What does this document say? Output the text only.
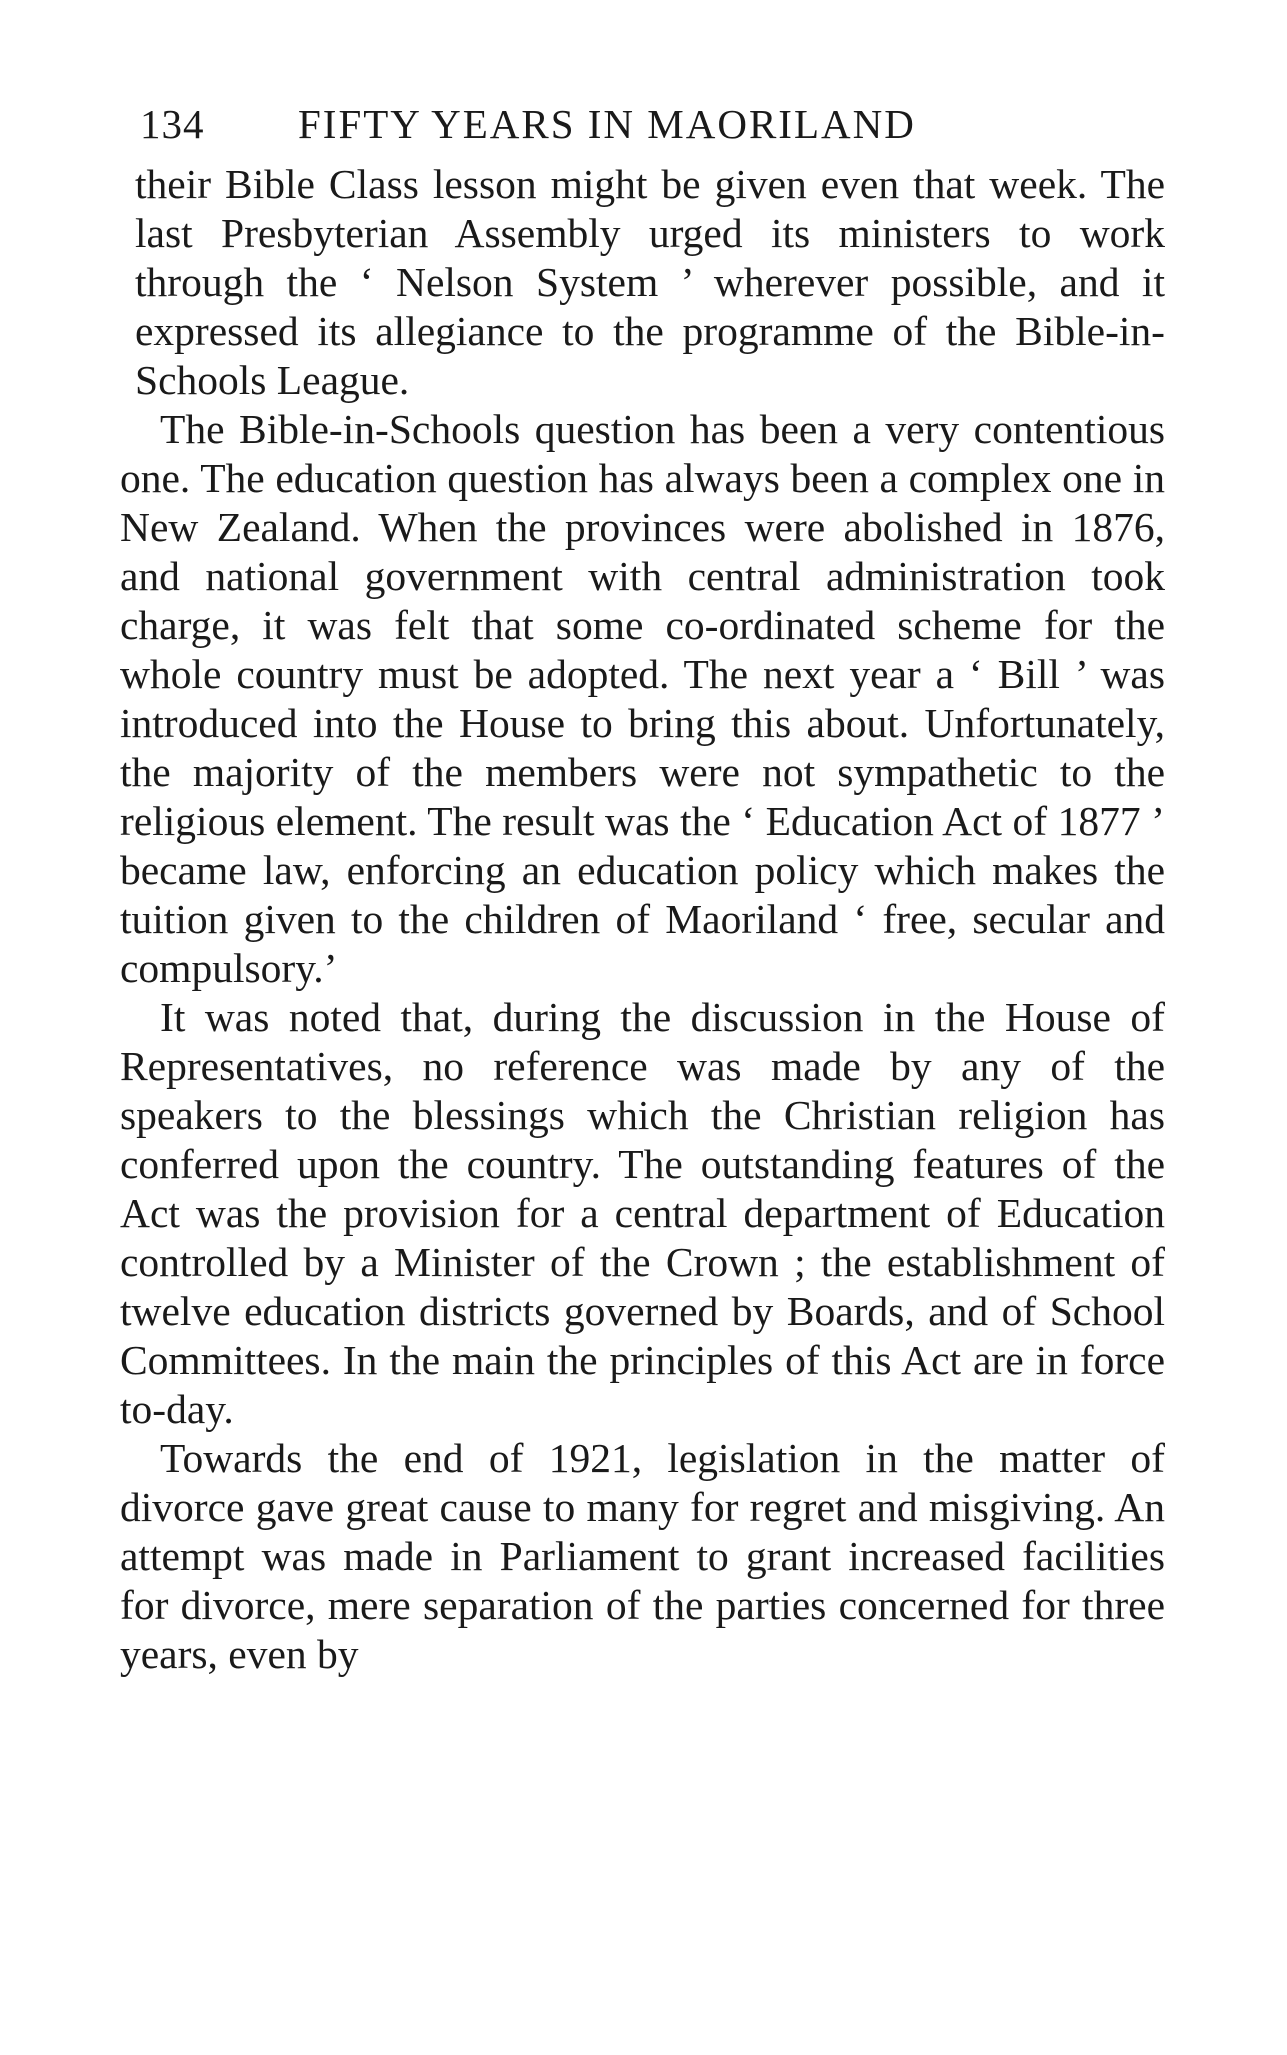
134 FIFTY YEARS IN MAORILAND

their Bible Class lesson might be given even that week. The last Presbyterian Assembly urged its ministers to work through the ‘ Nelson System ’ wherever possible, and it expressed its allegiance to the programme of the Bible-in-Schools League.

The Bible-in-Schools question has been a very contentious one. The education question has always been a complex one in New Zealand. When the provinces were abolished in 1876, and national government with central administration took charge, it was felt that some co-ordinated scheme for the whole country must be adopted. The next year a ‘ Bill ’ was introduced into the House to bring this about. Unfortunately, the majority of the members were not sympathetic to the religious element. The result was the ‘ Education Act of 1877 ’ became law, enforcing an education policy which makes the tuition given to the children of Maoriland ‘ free, secular and compulsory.’

It was noted that, during the discussion in the House of Representatives, no reference was made by any of the speakers to the blessings which the Christian religion has conferred upon the country. The outstanding features of the Act was the provision for a central department of Education controlled by a Minister of the Crown ; the establishment of twelve education districts governed by Boards, and of School Committees. In the main the principles of this Act are in force to-day.

Towards the end of 1921, legislation in the matter of divorce gave great cause to many for regret and misgiving. An attempt was made in Parliament to grant increased facilities for divorce, mere separation of the parties concerned for three years, even by
